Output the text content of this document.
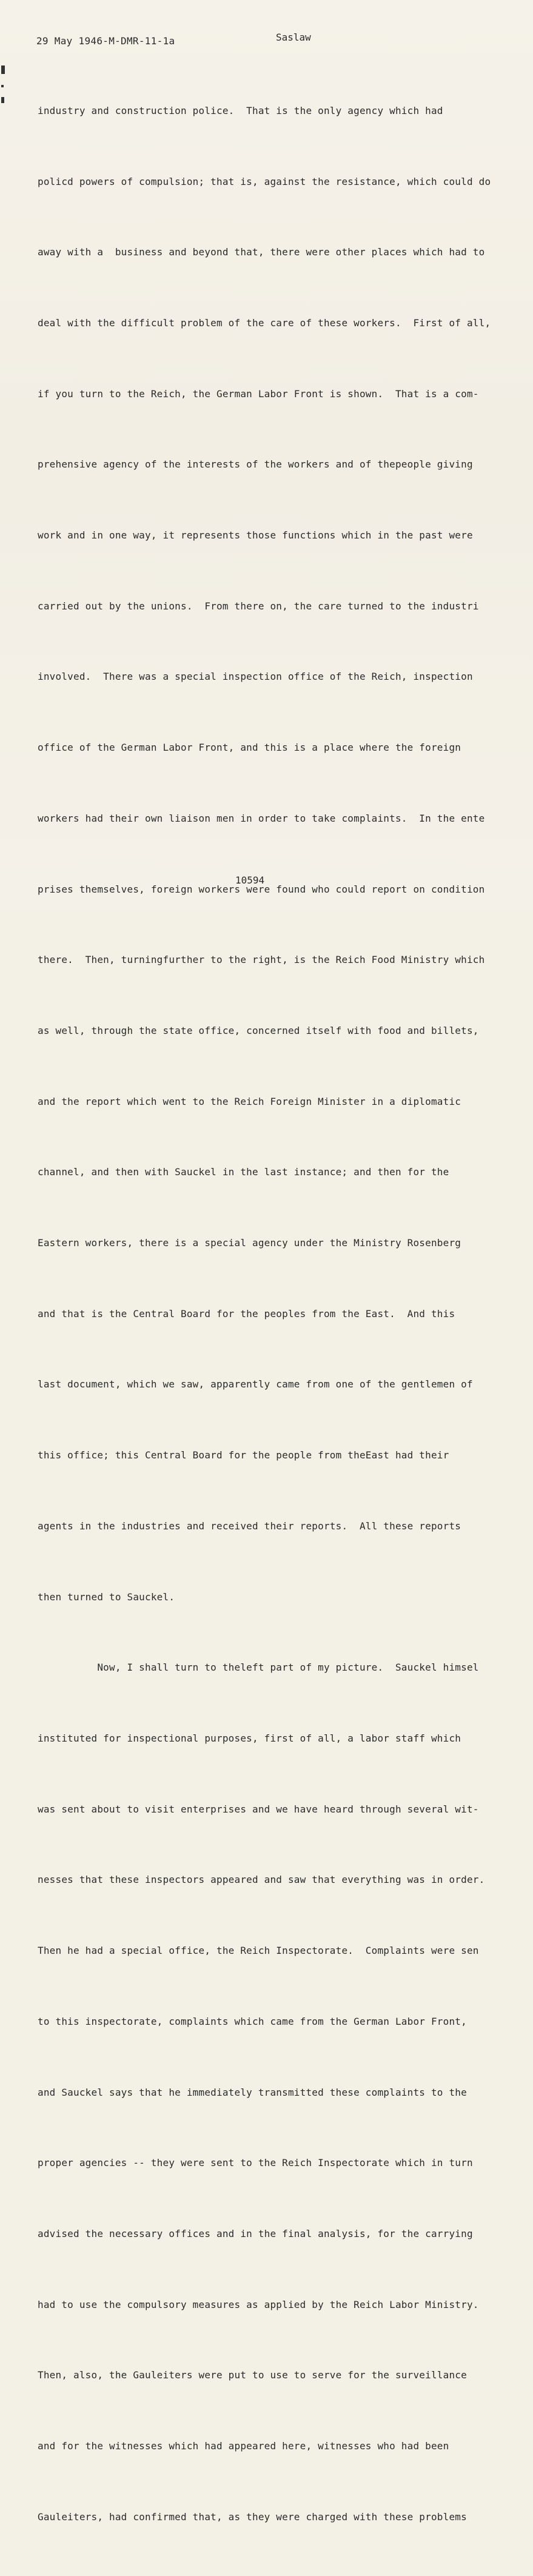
29 May 1946-M-DMR-11-1a	Saslaw

industry and construction police.  That is the only agency which had

policd powers of compulsion; that is, against the resistance, which could do

away with a  business and beyond that, there were other places which had to

deal with the difficult problem of the care of these workers.  First of all,

if you turn to the Reich, the German Labor Front is shown.  That is a com-

prehensive agency of the interests of the workers and of thepeople giving

work and in one way, it represents those functions which in the past were

carried out by the unions.  From there on, the care turned to the industri

involved.  There was a special inspection office of the Reich, inspection

office of the German Labor Front, and this is a place where the foreign

workers had their own liaison men in order to take complaints.  In the ente

prises themselves, foreign workers were found who could report on condition

there.  Then, turningfurther to the right, is the Reich Food Ministry which

as well, through the state office, concerned itself with food and billets,

and the report which went to the Reich Foreign Minister in a diplomatic

channel, and then with Sauckel in the last instance; and then for the

Eastern workers, there is a special agency under the Ministry Rosenberg

and that is the Central Board for the peoples from the East.  And this

last document, which we saw, apparently came from one of the gentlemen of

this office; this Central Board for the people from theEast had their

agents in the industries and received their reports.  All these reports

then turned to Sauckel.

Now, I shall turn to theleft part of my picture.  Sauckel himsel

instituted for inspectional purposes, first of all, a labor staff which

was sent about to visit enterprises and we have heard through several wit-

nesses that these inspectors appeared and saw that everything was in order.

Then he had a special office, the Reich Inspectorate.  Complaints were sen

to this inspectorate, complaints which came from the German Labor Front,

and Sauckel says that he immediately transmitted these complaints to the

proper agencies -- they were sent to the Reich Inspectorate which in turn

advised the necessary offices and in the final analysis, for the carrying

had to use the compulsory measures as applied by the Reich Labor Ministry.

Then, also, the Gauleiters were put to use to serve for the surveillance

and for the witnesses which had appeared here, witnesses who had been

Gauleiters, had confirmed that, as they were charged with these problems

10594
